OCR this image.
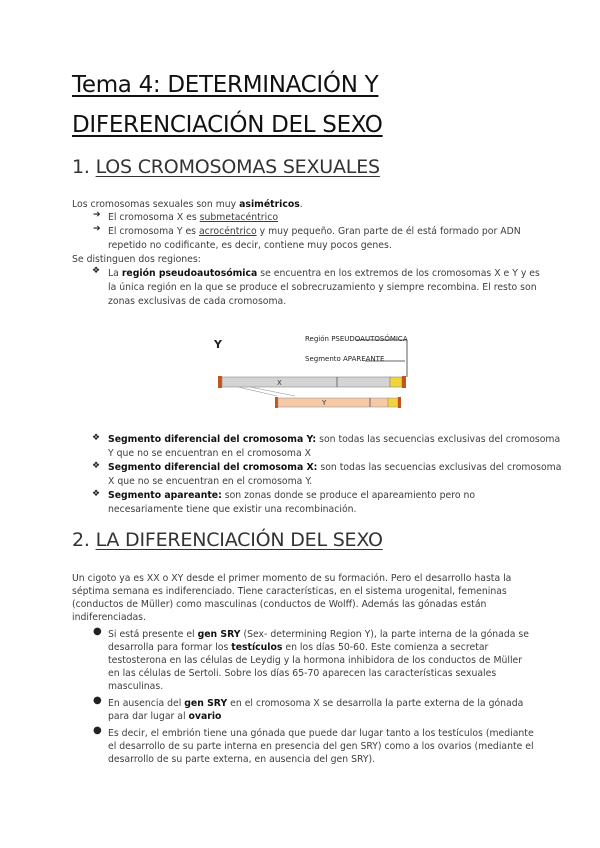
Tema 4: DETERMINACIÓN Y
DIFERENCIACIÓN DEL SEXO
1. LOS CROMOSOMAS SEXUALES
Los cromosomas sexuales son muy asimétricos.
➔ El cromosoma X es submetacéntrico
➔ El cromosoma Y es acrocéntrico y muy pequeño. Gran parte de él está formado por ADN
repetido no codificante, es decir, contiene muy pocos genes.
Se distinguen dos regiones:
❖ La región pseudoautosómica se encuentra en los extremos de los cromosomas X e Y y es
la única región en la que se produce el sobrecruzamiento y siempre recombina. El resto son
zonas exclusivas de cada cromosoma.
Y	Región PSEUDOAUTOSÓMICA
Segmento APAREANTE
X
Y
❖ Segmento diferencial del cromosoma Y: son todas las secuencias exclusivas del cromosoma
Y que no se encuentran en el cromosoma X
❖ Segmento diferencial del cromosoma X: son todas las secuencias exclusivas del cromosoma
X que no se encuentran en el cromosoma Y.
❖ Segmento apareante: son zonas donde se produce el apareamiento pero no
necesariamente tiene que existir una recombinación.
2. LA DIFERENCIACIÓN DEL SEXO
Un cigoto ya es XX o XY desde el primer momento de su formación. Pero el desarrollo hasta la
séptima semana es indiferenciado. Tiene características, en el sistema urogenital, femeninas
(conductos de Müller) como masculinas (conductos de Wolff). Además las gónadas están
indiferenciadas.
● Si está presente el gen SRY (Sex- determining Region Y), la parte interna de la gónada se
desarrolla para formar los testículos en los días 50-60. Este comienza a secretar
testosterona en las células de Leydig y la hormona inhibidora de los conductos de Müller
en las células de Sertoli. Sobre los días 65-70 aparecen las características sexuales
masculinas.
● En ausencia del gen SRY en el cromosoma X se desarrolla la parte externa de la gónada
para dar lugar al ovario
● Es decir, el embrión tiene una gónada que puede dar lugar tanto a los testículos (mediante
el desarrollo de su parte interna en presencia del gen SRY) como a los ovarios (mediante el
desarrollo de su parte externa, en ausencia del gen SRY).
